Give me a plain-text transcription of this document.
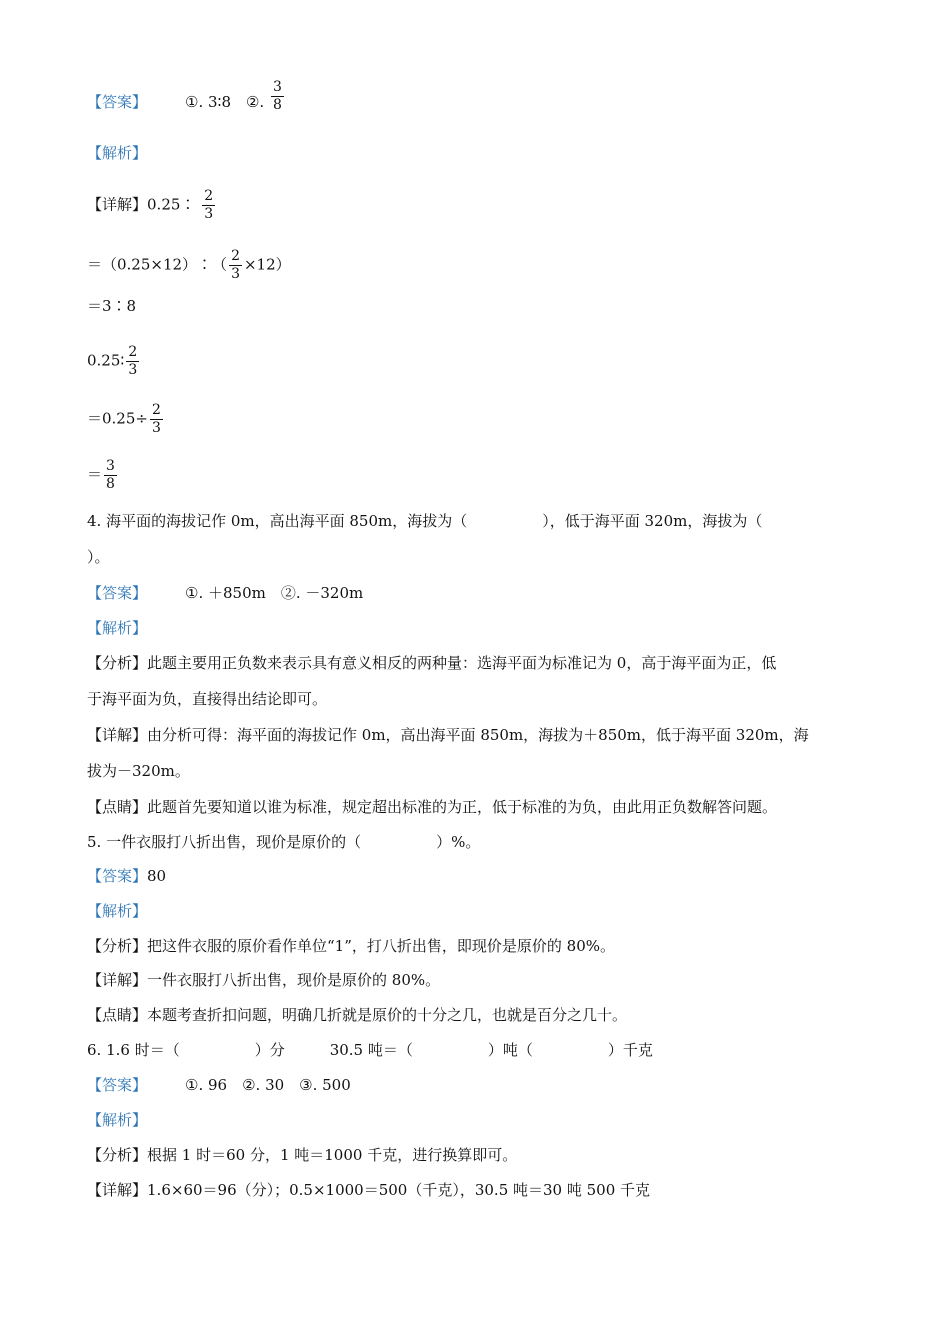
【答案】	①. 3∶8　②. $\frac{3}{8}$
【解析】
【详解】0.25∶ $\frac{2}{3}$
＝（0.25×12）∶（ $\frac{2}{3} \times 12$）
＝3∶8
0.25∶ $\frac{2}{3}$
$=0.25\div \frac{2}{3}$
＝ $\frac{3}{8}$
4. 海平面的海拔记作 0m，高出海平面 850m，海拔为（　　　　　），低于海平面 320m，海拔为（
）。
【答案】	①. ＋850m　②. －320m
【解析】
【分析】此题主要用正负数来表示具有意义相反的两种量：选海平面为标准记为 0，高于海平面为正，低
于海平面为负，直接得出结论即可。
【详解】由分析可得：海平面的海拔记作 0m，高出海平面 850m，海拔为＋850m，低于海平面 320m，海
拔为－320m。
【点睛】此题首先要知道以谁为标准，规定超出标准的为正，低于标准的为负，由此用正负数解答问题。
5. 一件衣服打八折出售，现价是原价的（　　　　　）%。
【答案】80
【解析】
【分析】把这件衣服的原价看作单位“1”，打八折出售，即现价是原价的 80%。
【详解】一件衣服打八折出售，现价是原价的 80%。
【点睛】本题考查折扣问题，明确几折就是原价的十分之几，也就是百分之几十。
6. 1.6 时＝（　　　　　）分　　　30.5 吨＝（　　　　　）吨（　　　　　）千克
【答案】	①. 96　②. 30　③. 500
【解析】
【分析】根据 1 时＝60 分，1 吨＝1000 千克，进行换算即可。
【详解】1.6×60＝96（分）；0.5×1000＝500（千克），30.5 吨＝30 吨 500 千克
